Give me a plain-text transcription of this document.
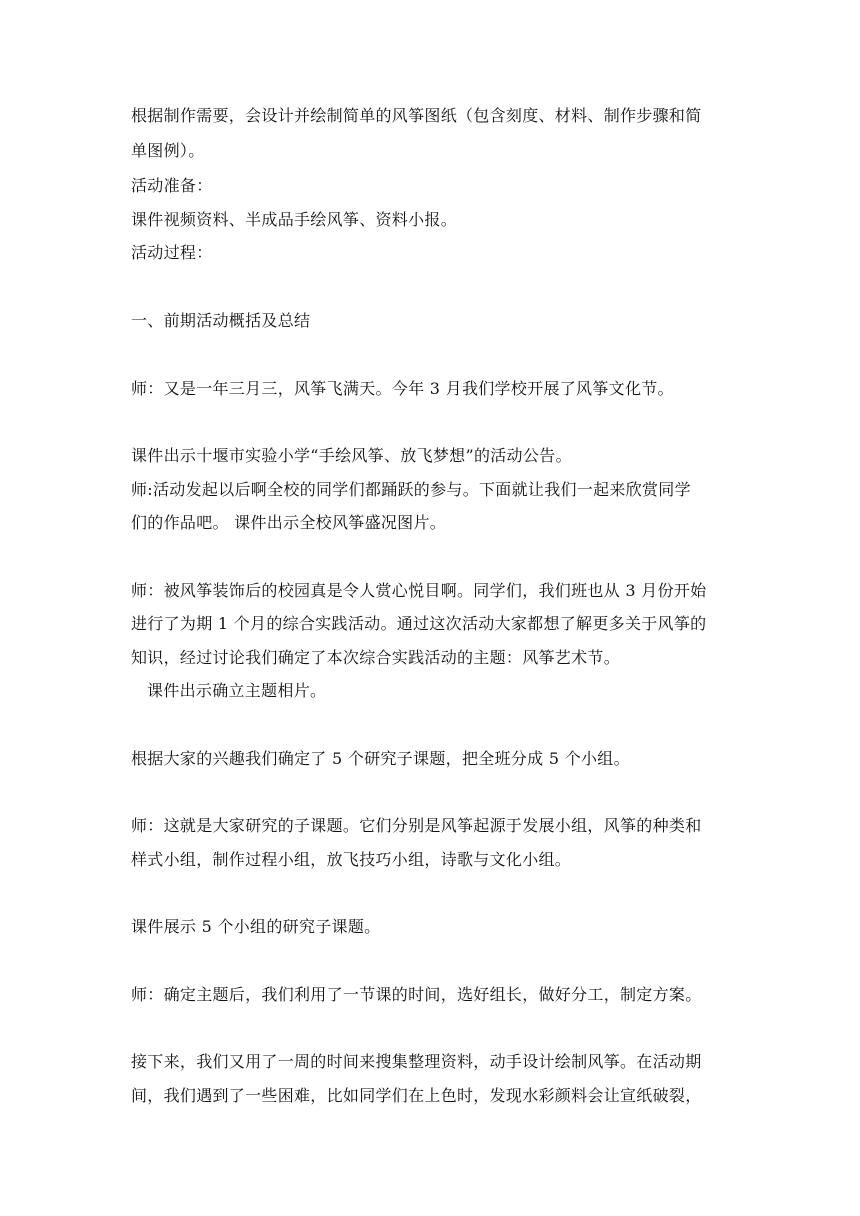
根据制作需要，会设计并绘制简单的风筝图纸（包含刻度、材料、制作步骤和简
单图例）。
活动准备：
课件视频资料、半成品手绘风筝、资料小报。
活动过程：
一、前期活动概括及总结
师：又是一年三月三，风筝飞满天。今年 3 月我们学校开展了风筝文化节。
课件出示十堰市实验小学“手绘风筝、放飞梦想”的活动公告。
师:活动发起以后啊全校的同学们都踊跃的参与。下面就让我们一起来欣赏同学
们的作品吧。 课件出示全校风筝盛况图片。
师：被风筝装饰后的校园真是令人赏心悦目啊。同学们，我们班也从 3 月份开始
进行了为期 1 个月的综合实践活动。通过这次活动大家都想了解更多关于风筝的
知识，经过讨论我们确定了本次综合实践活动的主题：风筝艺术节。
课件出示确立主题相片。
根据大家的兴趣我们确定了 5 个研究子课题，把全班分成 5 个小组。
师：这就是大家研究的子课题。它们分别是风筝起源于发展小组，风筝的种类和
样式小组，制作过程小组，放飞技巧小组，诗歌与文化小组。
课件展示 5 个小组的研究子课题。
师：确定主题后，我们利用了一节课的时间，选好组长，做好分工，制定方案。
接下来，我们又用了一周的时间来搜集整理资料，动手设计绘制风筝。在活动期
间，我们遇到了一些困难，比如同学们在上色时，发现水彩颜料会让宣纸破裂，
